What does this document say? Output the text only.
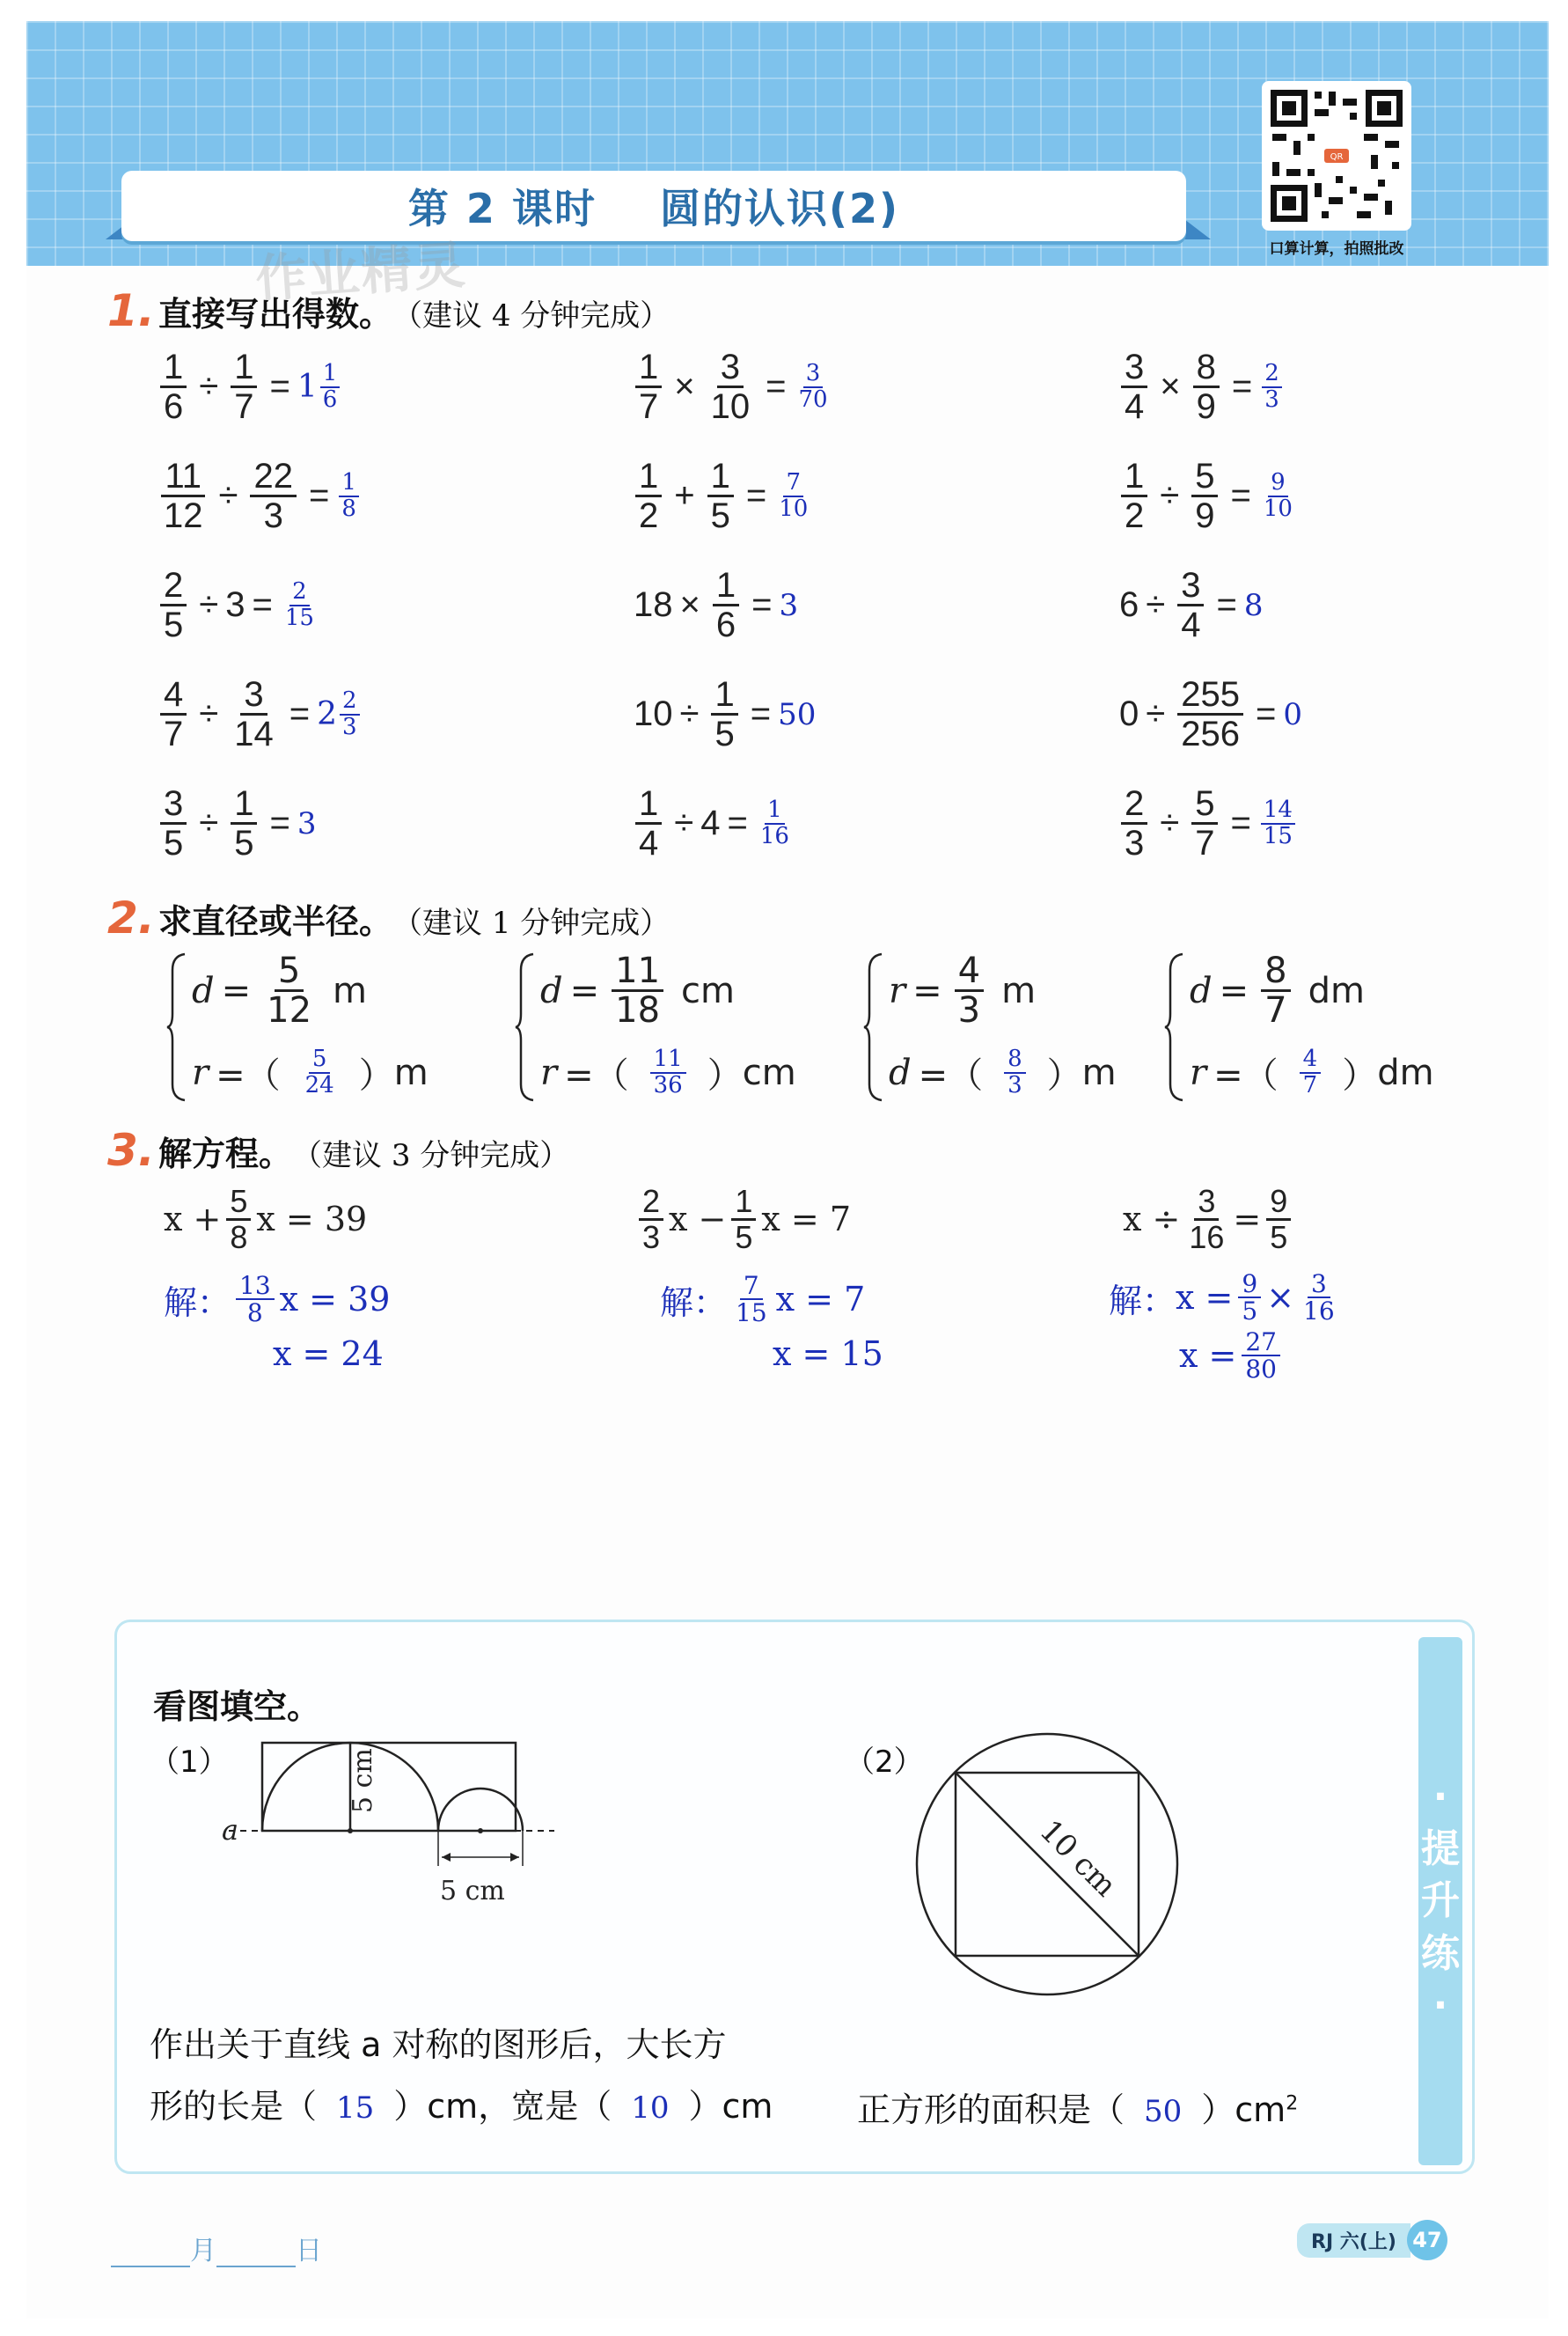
第 2 课时    圆的认识(2)
QR
口算计算，拍照批改
作业精灵
1. 直接写出得数。 （建议 4 分钟完成）
$\frac{1}{6} \div \frac{1}{7} = 1 \frac{1}{6}$	$\frac{1}{7} \times \frac{3}{10} = \frac{3}{70}$	$\frac{3}{4} \times \frac{8}{9} = \frac{2}{3}$
$\frac{11}{12} \div \frac{22}{3} = \frac{1}{8}$	$\frac{1}{2} + \frac{1}{5} = \frac{7}{10}$	$\frac{1}{2} \div \frac{5}{9} = \frac{9}{10}$
$\frac{2}{5} \div 3 = \frac{2}{15}$	$18 \times \frac{1}{6} = 3$	$6 \div \frac{3}{4} = 8$
$\frac{4}{7} \div \frac{3}{14} = 2 \frac{2}{3}$	$10 \div \frac{1}{5} = 50$	$0 \div \frac{255}{256} = 0$
$\frac{3}{5} \div \frac{1}{5} = 3$	$\frac{1}{4} \div 4 = \frac{1}{16}$	$\frac{2}{3} \div \frac{5}{7} = \frac{14}{15}$
2. 求直径或半径。 （建议 1 分钟完成）
$d = \frac{5}{12}$ m
r =（ $\frac{5}{24}$ ） m
$d = \frac{11}{18}$ cm
r =（ $\frac{11}{36}$ ） cm
$r = \frac{4}{3}$ m
d =（ $\frac{8}{3}$ ） m
$d = \frac{8}{7}$ dm
r =（ $\frac{4}{7}$ ） dm
3. 解方程。 （建议 3 分钟完成）
$x + \frac{5}{8}$ x = 39
解： $\frac{13}{8}$ x = 39
x = 24
$\frac{2}{3}$ $x - \frac{1}{5}$ x = 7
解： $\frac{7}{15}$ x = 7
x = 15
$x \div \frac{3}{16} = \frac{9}{5}$
解： $x = \frac{9}{5} \times \frac{3}{16}$
$x = \frac{27}{80}$
·
提
升
练
·
看图填空。
（1）	（2）
a
5 cm
5 cm	10 cm
作出关于直线 a 对称的图形后，大长方
形的长是（ 15 ）cm，宽是（ 10 ）cm	正方形的面积是（ 50 ）$cm^2$
月	日	RJ 六(上) 47
